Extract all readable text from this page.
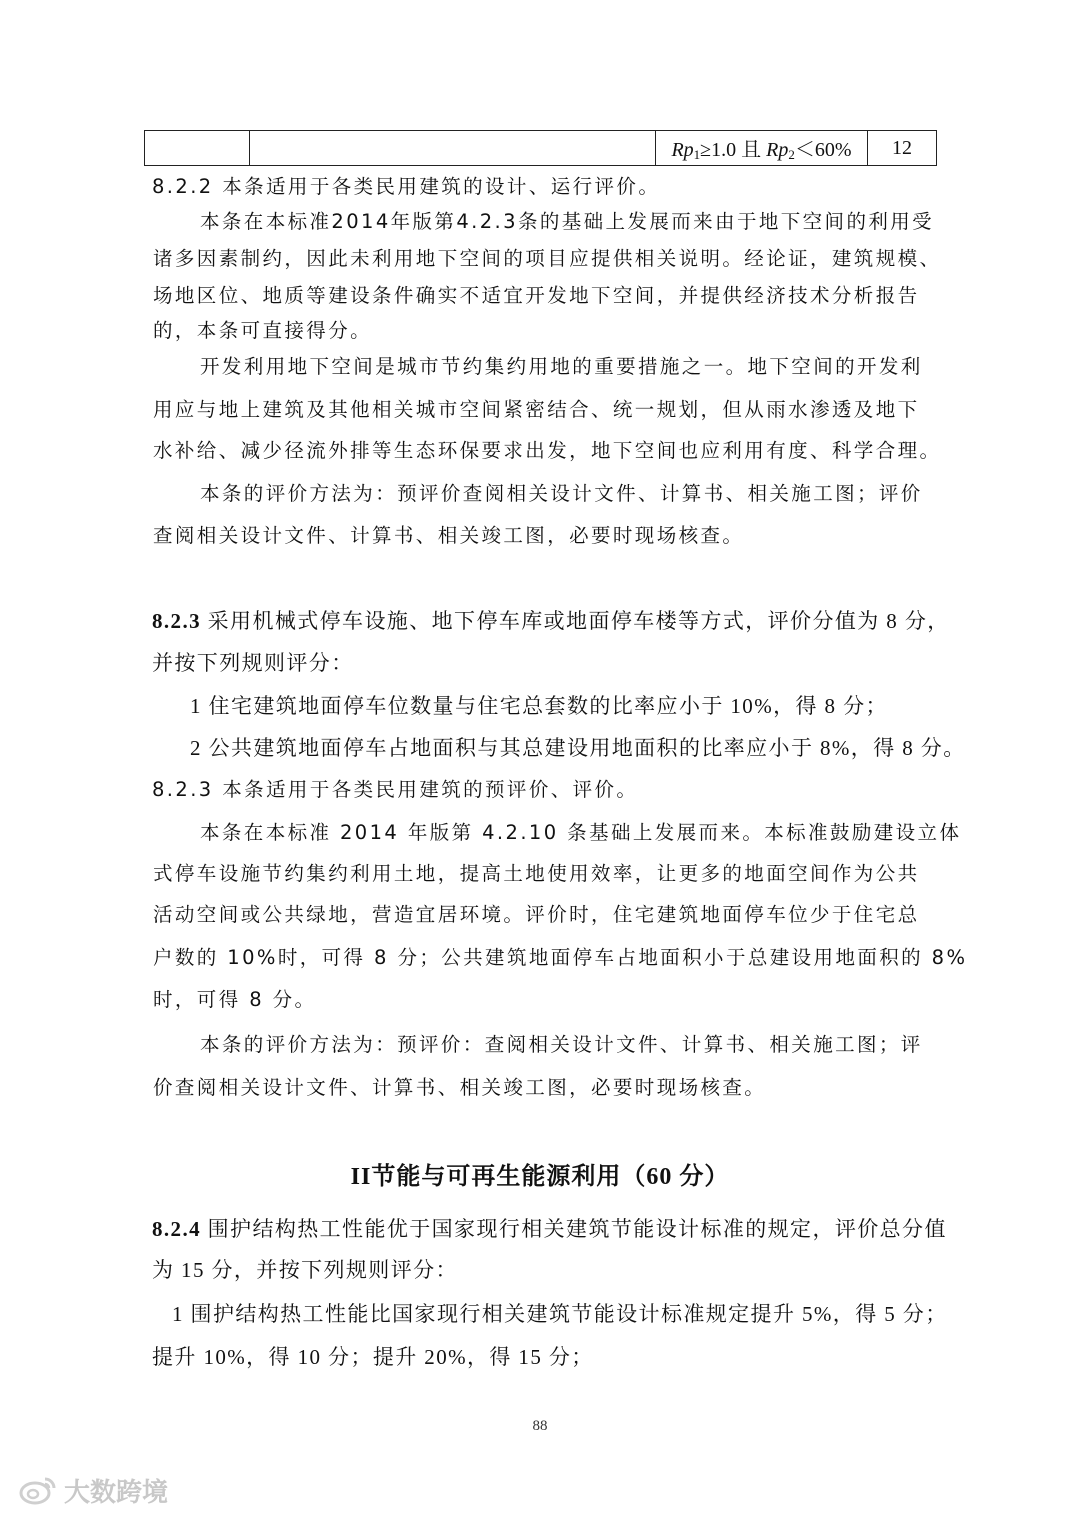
		$Rp_1\ge 1.0$ 且 $Rp_2<60\%$	12

8.2.2 本条适用于各类民用建筑的设计、运行评价。

本条在本标准2014年版第4.2.3条的基础上发展而来由于地下空间的利用受

诸多因素制约，因此未利用地下空间的项目应提供相关说明。经论证，建筑规模、

场地区位、地质等建设条件确实不适宜开发地下空间，并提供经济技术分析报告

的，本条可直接得分。

开发利用地下空间是城市节约集约用地的重要措施之一。地下空间的开发利

用应与地上建筑及其他相关城市空间紧密结合、统一规划，但从雨水渗透及地下

水补给、减少径流外排等生态环保要求出发，地下空间也应利用有度、科学合理。

本条的评价方法为：预评价查阅相关设计文件、计算书、相关施工图；评价

查阅相关设计文件、计算书、相关竣工图，必要时现场核查。

8.2.3 采用机械式停车设施、地下停车库或地面停车楼等方式，评价分值为 8 分，

并按下列规则评分：

1 住宅建筑地面停车位数量与住宅总套数的比率应小于 10%，得 8 分；

2 公共建筑地面停车占地面积与其总建设用地面积的比率应小于 8%，得 8 分。

8.2.3 本条适用于各类民用建筑的预评价、评价。

本条在本标准 2014 年版第 4.2.10 条基础上发展而来。本标准鼓励建设立体

式停车设施节约集约利用土地，提高土地使用效率，让更多的地面空间作为公共

活动空间或公共绿地，营造宜居环境。评价时，住宅建筑地面停车位少于住宅总

户数的 10%时，可得 8 分；公共建筑地面停车占地面积小于总建设用地面积的 8%

时，可得 8 分。

本条的评价方法为：预评价：查阅相关设计文件、计算书、相关施工图；评

价查阅相关设计文件、计算书、相关竣工图，必要时现场核查。

II节能与可再生能源利用（60 分）

8.2.4 围护结构热工性能优于国家现行相关建筑节能设计标准的规定，评价总分值

为 15 分，并按下列规则评分：

1 围护结构热工性能比国家现行相关建筑节能设计标准规定提升 5%，得 5 分；

提升 10%，得 10 分；提升 20%，得 15 分；

88
大数跨境
